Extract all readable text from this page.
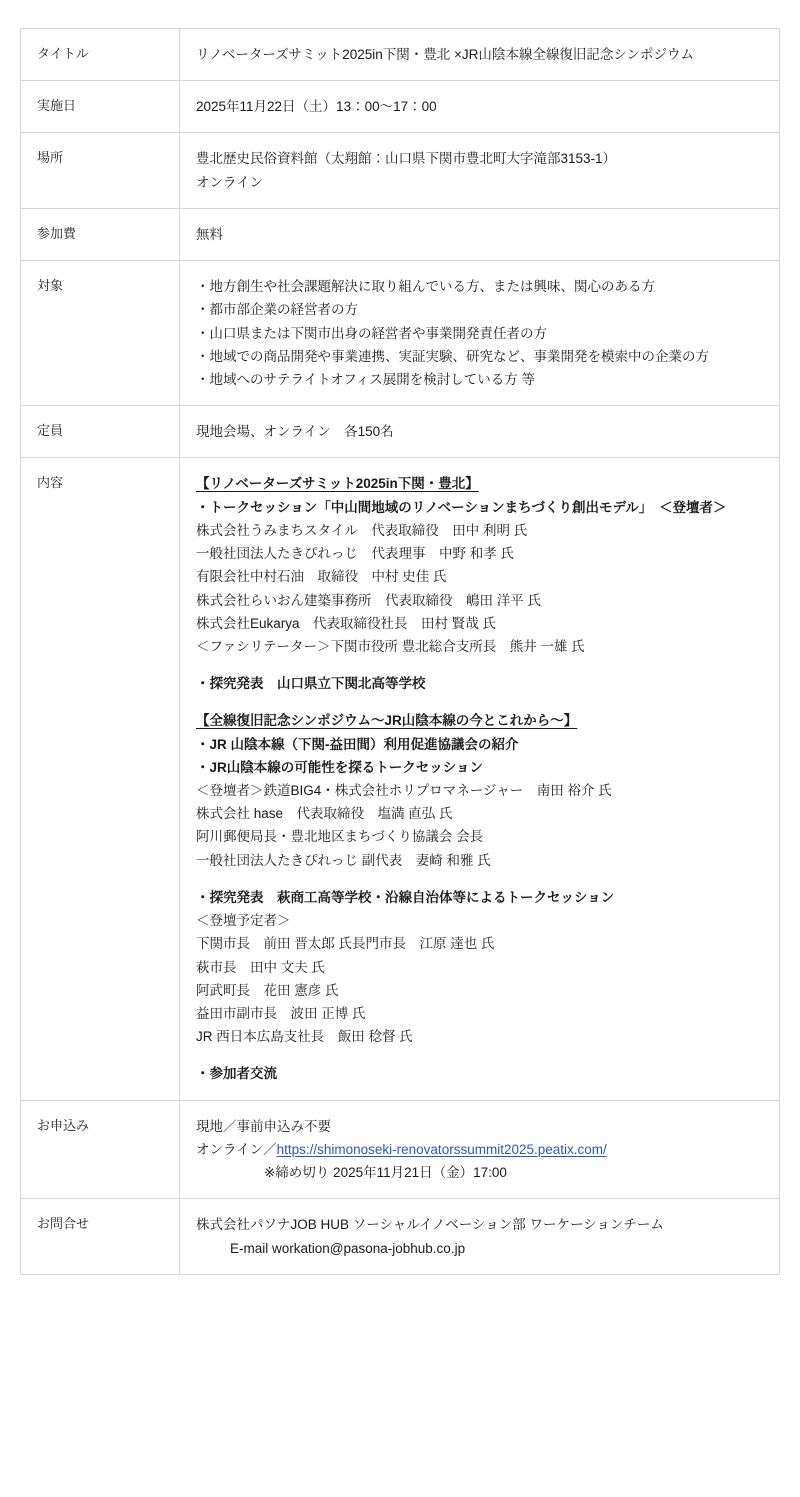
タイトル	リノベーターズサミット2025in下関・豊北 ×JR山陰本線全線復旧記念シンポジウム

実施日	2025年11月22日（土）13：00〜17：00

場所	豊北歴史民俗資料館（太翔館：山口県下関市豊北町大字滝部3153-1）
オンライン

参加費	無料

対象	・地方創生や社会課題解決に取り組んでいる方、または興味、関心のある方
・都市部企業の経営者の方
・山口県または下関市出身の経営者や事業開発責任者の方
・地域での商品開発や事業連携、実証実験、研究など、事業開発を模索中の企業の方
・地域へのサテライトオフィス展開を検討している方 等

定員	現地会場、オンライン　各150名

内容	【リノベーターズサミット2025in下関・豊北】
・トークセッション「中山間地域のリノベーションまちづくり創出モデル」　＜登壇者＞
株式会社うみまちスタイル　代表取締役　田中 利明 氏
一般社団法人たきぴれっじ　代表理事　中野 和孝 氏
有限会社中村石油　取締役　中村 史佳 氏
株式会社らいおん建築事務所　代表取締役　嶋田 洋平 氏
株式会社Eukarya　代表取締役社長　田村 賢哉 氏
＜ファシリテーター＞下関市役所 豊北総合支所長　熊井 一雄 氏
・探究発表　山口県立下関北高等学校
【全線復旧記念シンポジウム〜JR山陰本線の今とこれから〜】
・JR 山陰本線（下関-益田間）利用促進協議会の紹介
・JR山陰本線の可能性を探るトークセッション
＜登壇者＞鉄道BIG4・株式会社ホリプロマネージャー　南田 裕介 氏
株式会社 hase　代表取締役　塩満 直弘 氏
阿川郵便局長・豊北地区まちづくり協議会 会長
一般社団法人たきぴれっじ 副代表　妻崎 和雅 氏
・探究発表　萩商工高等学校・沿線自治体等によるトークセッション
＜登壇予定者＞
下関市長　前田 晋太郎 氏長門市長　江原 達也 氏
萩市長　田中 文夫 氏
阿武町長　花田 憲彦 氏
益田市副市長　波田 正博 氏
JR 西日本広島支社長　飯田 稔督 氏
・参加者交流

お申込み	現地／事前申込み不要
オンライン／https://shimonoseki-renovatorssummit2025.peatix.com/
※締め切り 2025年11月21日（金）17:00

お問合せ	株式会社パソナJOB HUB ソーシャルイノベーション部 ワーケーションチーム
E-mail workation@pasona-jobhub.co.jp
